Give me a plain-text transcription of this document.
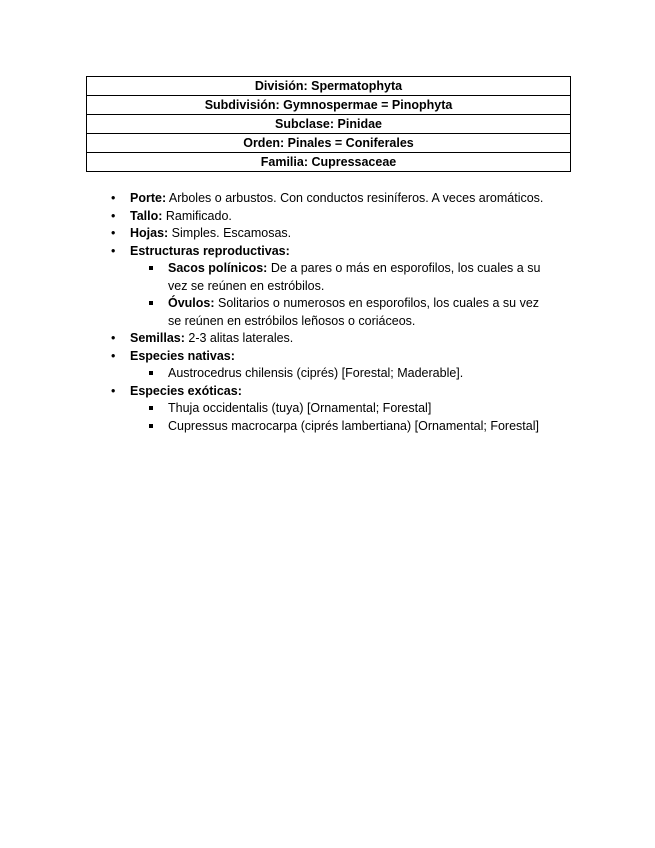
División: Spermatophyta
Subdivisión: Gymnospermae = Pinophyta
Subclase: Pinidae
Orden: Pinales = Coniferales
Familia: Cupressaceae
• Porte: Arboles o arbustos. Con conductos resiníferos. A veces aromáticos.
• Tallo: Ramificado.
• Hojas: Simples. Escamosas.
• Estructuras reproductivas:
Sacos polínicos: De a pares o más en esporofilos, los cuales a su vez se reúnen en estróbilos.
Óvulos: Solitarios o numerosos en esporofilos, los cuales a su vez se reúnen en estróbilos leñosos o coriáceos.
• Semillas: 2-3 alitas laterales.
• Especies nativas:
Austrocedrus chilensis (ciprés) [Forestal; Maderable].
• Especies exóticas:
Thuja occidentalis (tuya) [Ornamental; Forestal]
Cupressus macrocarpa (ciprés lambertiana) [Ornamental; Forestal]
